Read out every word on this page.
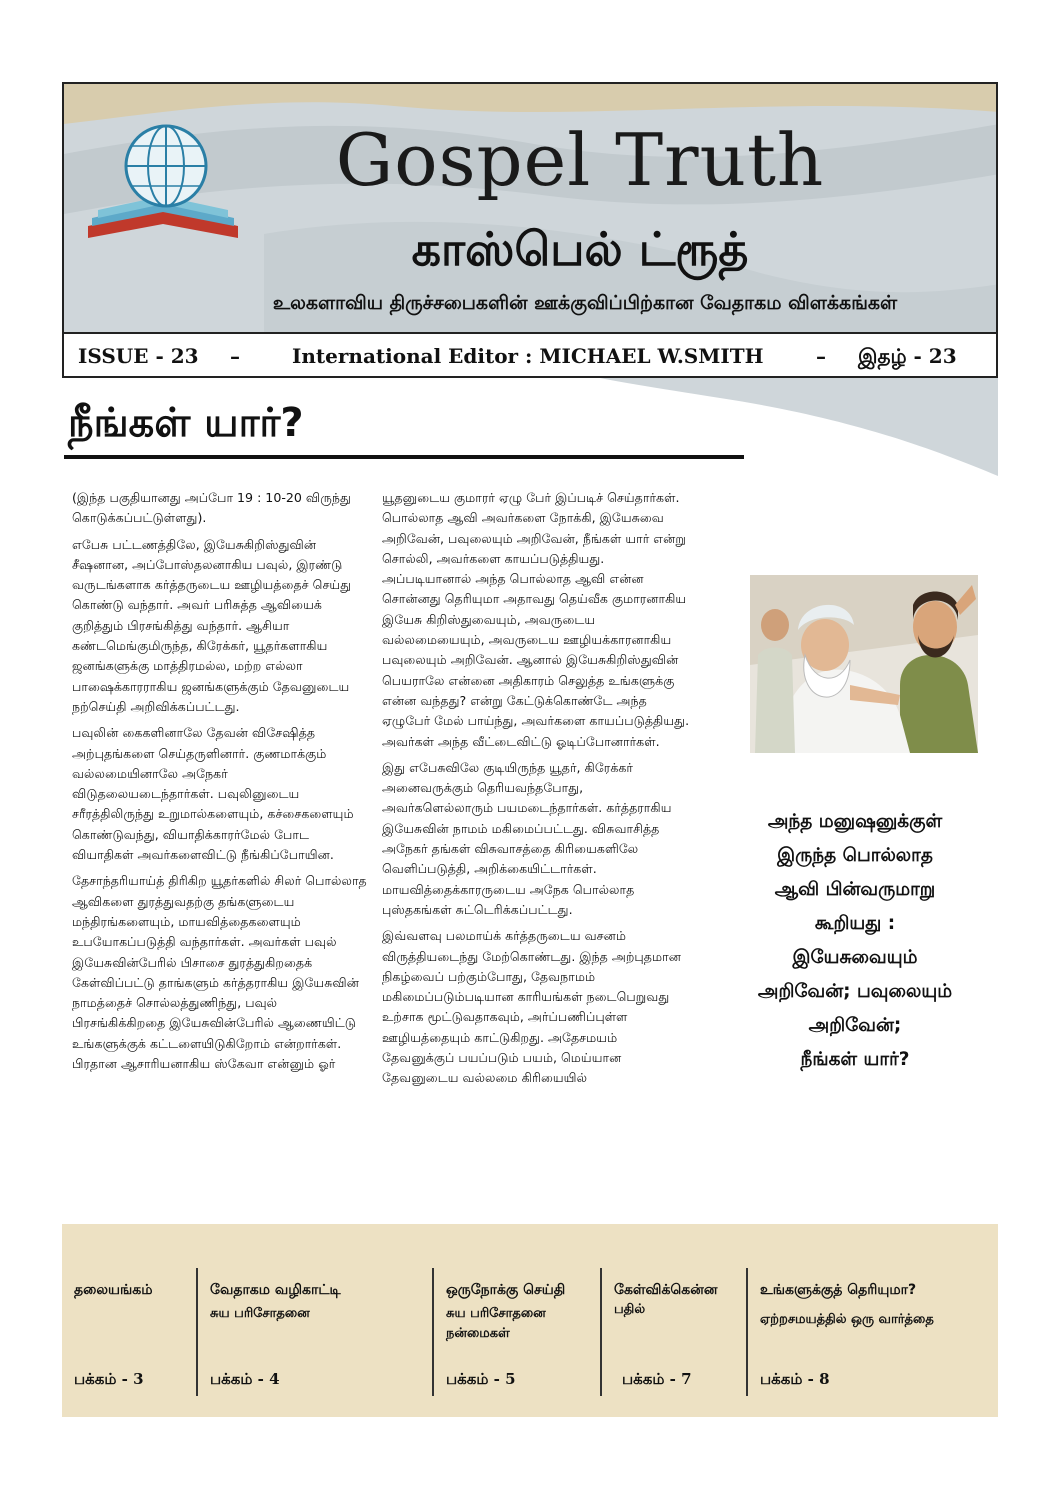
Gospel Truth
காஸ்பெல் ட்ரூத்
உலகளாவிய திருச்சபைகளின் ஊக்குவிப்பிற்கான வேதாகம விளக்கங்கள்
ISSUE - 23 –	International Editor : MICHAEL W.SMITH	– இதழ் - 23
நீங்கள் யார்?

(இந்த பகுதியானது அப்போ 19 : 10-20 விருந்து கொடுக்கப்பட்டுள்ளது).

எபேசு பட்டணத்திலே, இயேசுகிறிஸ்துவின் சீஷனான, அப்போஸ்தலனாகிய பவுல், இரண்டு வருடங்களாக கர்த்தருடைய ஊழியத்தைச் செய்து கொண்டு வந்தார். அவர் பரிசுத்த ஆவியைக் குறித்தும் பிரசங்கித்து வந்தார். ஆசியா கண்டமெங்குமிருந்த, கிரேக்கர், யூதர்களாகிய ஜனங்களுக்கு மாத்திரமல்ல, மற்ற எல்லா பாஷைக்காரராகிய ஜனங்களுக்கும் தேவனுடைய நற்செய்தி அறிவிக்கப்பட்டது.

பவுலின் கைகளினாலே தேவன் விசேஷித்த அற்புதங்களை செய்தருளினார். குணமாக்கும் வல்லமையினாலே அநேகர் விடுதலையடைந்தார்கள். பவுலினுடைய சரீரத்திலிருந்து உறுமால்களையும், கச்சைகளையும் கொண்டுவந்து, வியாதிக்காரர்மேல் போட வியாதிகள் அவர்களைவிட்டு நீங்கிப்போயின.

தேசாந்தரியாய்த் திரிகிற யூதர்களில் சிலர் பொல்லாத ஆவிகளை துரத்துவதற்கு தங்களுடைய மந்திரங்களையும், மாயவித்தைகளையும் உபயோகப்படுத்தி வந்தார்கள். அவர்கள் பவுல் இயேசுவின்பேரில் பிசாசை துரத்துகிறதைக் கேள்விப்பட்டு தாங்களும் கர்த்தராகிய இயேசுவின் நாமத்தைச் சொல்லத்துணிந்து, பவுல் பிரசங்கிக்கிறதை இயேசுவின்பேரில் ஆணையிட்டு உங்களுக்குக் கட்டளையிடுகிறோம் என்றார்கள். பிரதான ஆசாரியனாகிய ஸ்கேவா என்னும் ஓர்

யூதனுடைய குமாரர் ஏழு பேர் இப்படிச் செய்தார்கள். பொல்லாத ஆவி அவர்களை நோக்கி, இயேசுவை அறிவேன், பவுலையும் அறிவேன், நீங்கள் யார் என்று சொல்லி, அவர்களை காயப்படுத்தியது. அப்படியானால் அந்த பொல்லாத ஆவி என்ன சொன்னது தெரியுமா அதாவது தெய்வீக குமாரனாகிய இயேசு கிறிஸ்துவையும், அவருடைய வல்லமையையும், அவருடைய ஊழியக்காரனாகிய பவுலையும் அறிவேன். ஆனால் இயேசுகிறிஸ்துவின் பெயராலே என்னை அதிகாரம் செலுத்த உங்களுக்கு என்ன வந்தது? என்று கேட்டுக்கொண்டே அந்த ஏழுபேர் மேல் பாய்ந்து, அவர்களை காயப்படுத்தியது. அவர்கள் அந்த வீட்டைவிட்டு ஓடிப்போனார்கள்.

இது எபேசுவிலே குடியிருந்த யூதர், கிரேக்கர் அனைவருக்கும் தெரியவந்தபோது, அவர்களெல்லாரும் பயமடைந்தார்கள். கர்த்தராகிய இயேசுவின் நாமம் மகிமைப்பட்டது. விசுவாசித்த அநேகர் தங்கள் விசுவாசத்தை கிரியைகளிலே வெளிப்படுத்தி, அறிக்கையிட்டார்கள். மாயவித்தைக்காரருடைய அநேக பொல்லாத புஸ்தகங்கள் சுட்டெரிக்கப்பட்டது.

இவ்வளவு பலமாய்க் கர்த்தருடைய வசனம் விருத்தியடைந்து மேற்கொண்டது. இந்த அற்புதமான நிகழ்வைப் பற்கும்போது, தேவநாமம் மகிமைப்படும்படியான காரியங்கள் நடைபெறுவது உற்சாக மூட்டுவதாகவும், அர்ப்பணிப்புள்ள ஊழியத்தையும் காட்டுகிறது. அதேசமயம் தேவனுக்குப் பயப்படும் பயம், மெய்யான தேவனுடைய வல்லமை கிரியையில்

அந்த மனுஷனுக்குள்
இருந்த பொல்லாத
ஆவி பின்வருமாறு
கூறியது :
இயேசுவையும்
அறிவேன்; பவுலையும்
அறிவேன்;
நீங்கள் யார்?
தலையங்கம்
பக்கம் - 3
வேதாகம வழிகாட்டி
சுய பரிசோதனை
பக்கம் - 4
ஒருநோக்கு செய்தி
சுய பரிசோதனை
நன்மைகள்
பக்கம் - 5
கேள்விக்கென்ன
பதில்
பக்கம் - 7
உங்களுக்குத் தெரியுமா?
ஏற்றசமயத்தில் ஒரு வார்த்தை
பக்கம் - 8
